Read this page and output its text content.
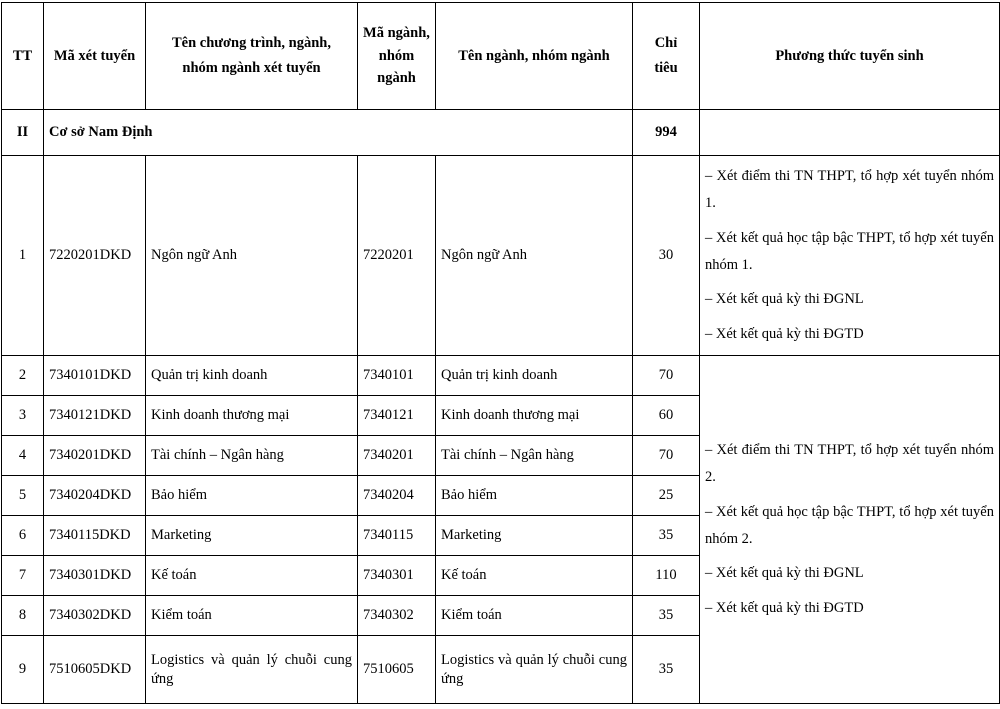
TT	Mã xét tuyển	Tên chương trình, ngành, nhóm ngành xét tuyển	Mã ngành, nhóm ngành	Tên ngành, nhóm ngành	Chỉ tiêu	Phương thức tuyển sinh
II	Cơ sở Nam Định				994	
1	7220201DKD	Ngôn ngữ Anh	7220201	Ngôn ngữ Anh	30	– Xét điểm thi TN THPT, tổ hợp xét tuyển nhóm 1.
– Xét kết quả học tập bậc THPT, tổ hợp xét tuyển nhóm 1.
– Xét kết quả kỳ thi ĐGNL
– Xét kết quả kỳ thi ĐGTD

2	7340101DKD	Quản trị kinh doanh	7340101	Quản trị kinh doanh	70	– Xét điểm thi TN THPT, tổ hợp xét tuyển nhóm 2.
– Xét kết quả học tập bậc THPT, tổ hợp xét tuyển nhóm 2.
– Xét kết quả kỳ thi ĐGNL
– Xét kết quả kỳ thi ĐGTD

3	7340121DKD	Kinh doanh thương mại	7340121	Kinh doanh thương mại	60	
4	7340201DKD	Tài chính – Ngân hàng	7340201	Tài chính – Ngân hàng	70	
5	7340204DKD	Bảo hiểm	7340204	Bảo hiểm	25	
6	7340115DKD	Marketing	7340115	Marketing	35	
7	7340301DKD	Kế toán	7340301	Kế toán	110	
8	7340302DKD	Kiểm toán	7340302	Kiểm toán	35	
9	7510605DKD	Logistics và quản lý chuỗi cung ứng	7510605	Logistics và quản lý chuỗi cung ứng	35	
